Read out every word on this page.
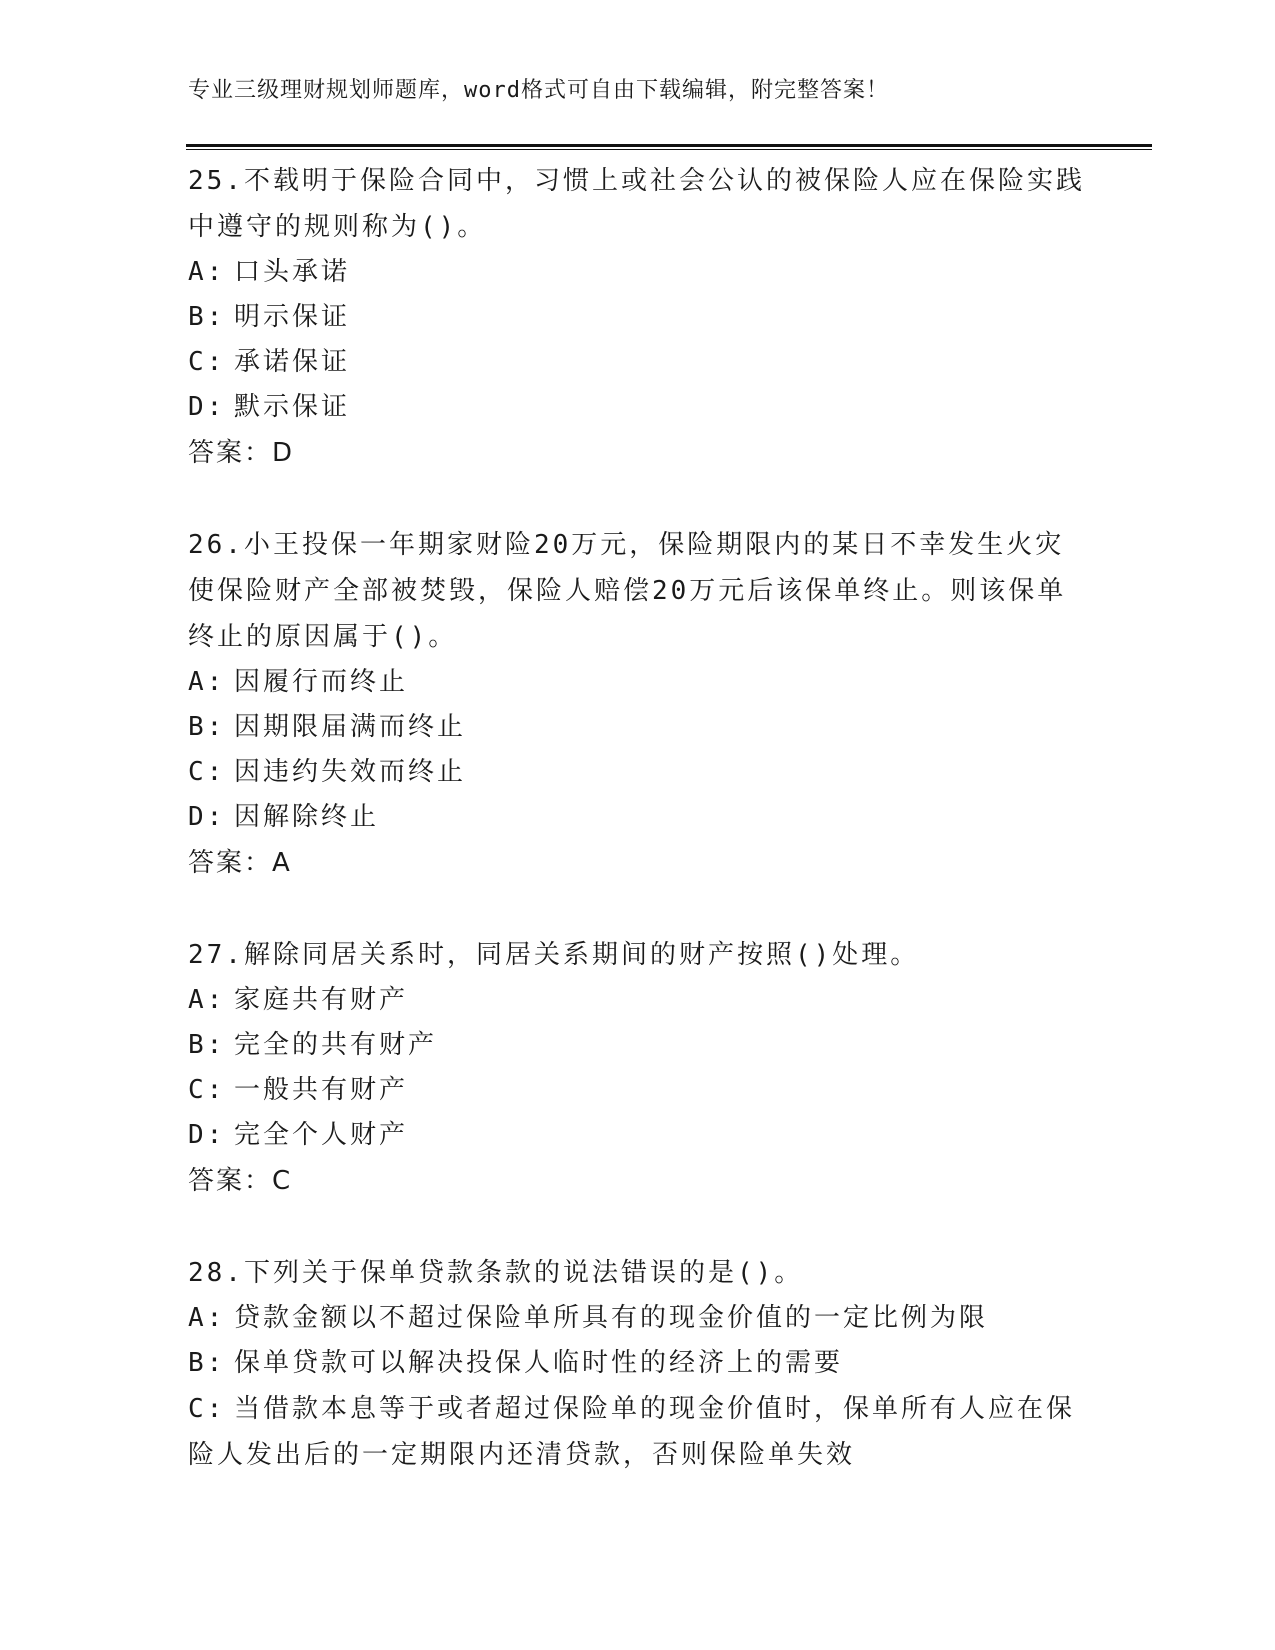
专业三级理财规划师题库，word格式可自由下载编辑，附完整答案！

25.不载明于保险合同中，习惯上或社会公认的被保险人应在保险实践中遵守的规则称为()。

A: 口头承诺

B: 明示保证

C: 承诺保证

D: 默示保证

答案：D

26.小王投保一年期家财险20万元，保险期限内的某日不幸发生火灾使保险财产全部被焚毁，保险人赔偿20万元后该保单终止。则该保单终止的原因属于()。

A: 因履行而终止

B: 因期限届满而终止

C: 因违约失效而终止

D: 因解除终止

答案：A

27.解除同居关系时，同居关系期间的财产按照()处理。

A: 家庭共有财产

B: 完全的共有财产

C: 一般共有财产

D: 完全个人财产

答案：C

28.下列关于保单贷款条款的说法错误的是()。

A: 贷款金额以不超过保险单所具有的现金价值的一定比例为限

B: 保单贷款可以解决投保人临时性的经济上的需要

C: 当借款本息等于或者超过保险单的现金价值时，保单所有人应在保险人发出后的一定期限内还清贷款，否则保险单失效
